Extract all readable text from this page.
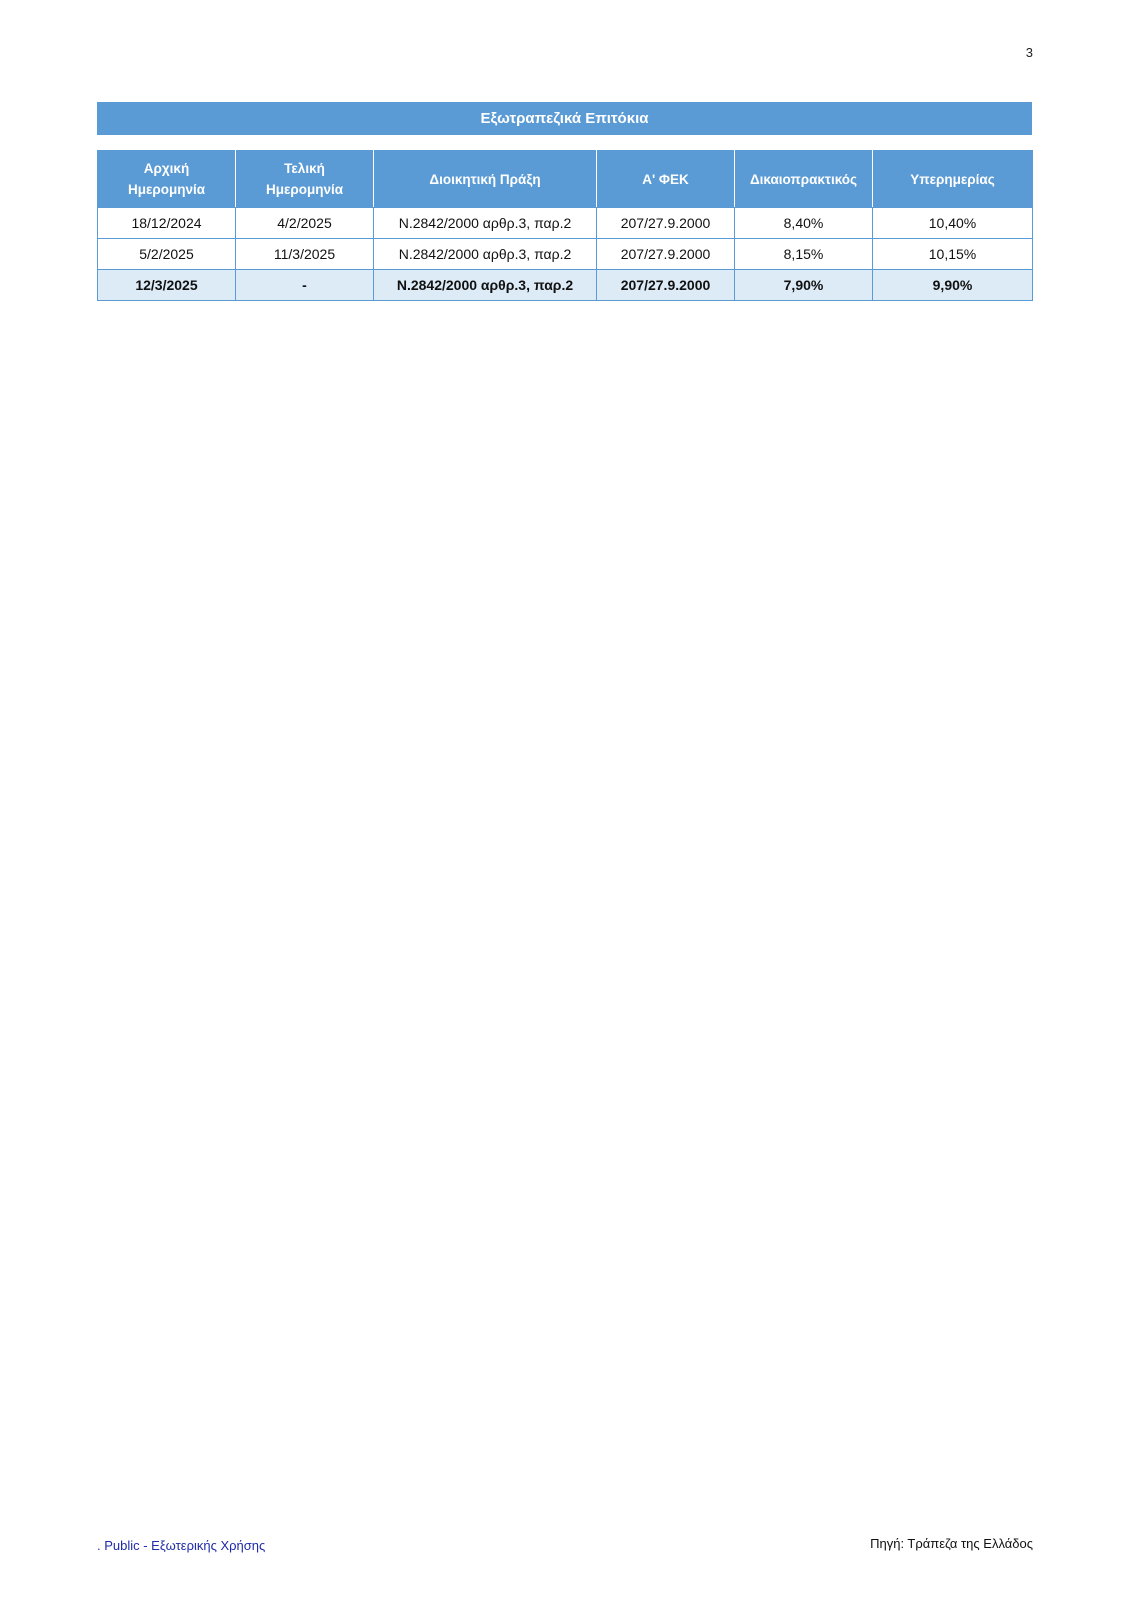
3
Εξωτραπεζικά Επιτόκια
Αρχική Ημερομηνία	Τελική Ημερομηνία	Διοικητική Πράξη	Α' ΦΕΚ	Δικαιοπρακτικός	Υπερημερίας
18/12/2024	4/2/2025	Ν.2842/2000 αρθρ.3, παρ.2	207/27.9.2000	8,40%	10,40%
5/2/2025	11/3/2025	Ν.2842/2000 αρθρ.3, παρ.2	207/27.9.2000	8,15%	10,15%
12/3/2025	-	Ν.2842/2000 αρθρ.3, παρ.2	207/27.9.2000	7,90%	9,90%
. Public - Εξωτερικής Χρήσης	Πηγή: Τράπεζα της Ελλάδος
